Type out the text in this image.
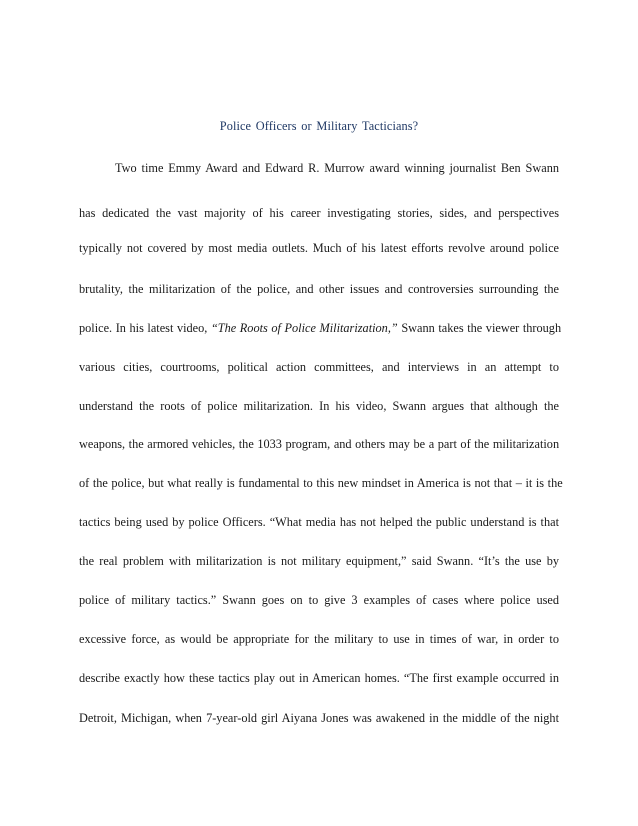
Police Officers or Military Tacticians?

Two time Emmy Award and Edward R. Murrow award winning journalist Ben Swann

has dedicated the vast majority of his career investigating stories, sides, and perspectives

typically not covered by most media outlets. Much of his latest efforts revolve around police

brutality, the militarization of the police, and other issues and controversies surrounding the

police. In his latest video, “The Roots of Police Militarization,” Swann takes the viewer through

various cities, courtrooms, political action committees, and interviews in an attempt to

understand the roots of police militarization. In his video, Swann argues that although the

weapons, the armored vehicles, the 1033 program, and others may be a part of the militarization

of the police, but what really is fundamental to this new mindset in America is not that – it is the

tactics being used by police Officers. “What media has not helped the public understand is that

the real problem with militarization is not military equipment,” said Swann. “It’s the use by

police of military tactics.” Swann goes on to give 3 examples of cases where police used

excessive force, as would be appropriate for the military to use in times of war, in order to

describe exactly how these tactics play out in American homes. “The first example occurred in

Detroit, Michigan, when 7-year-old girl Aiyana Jones was awakened in the middle of the night
